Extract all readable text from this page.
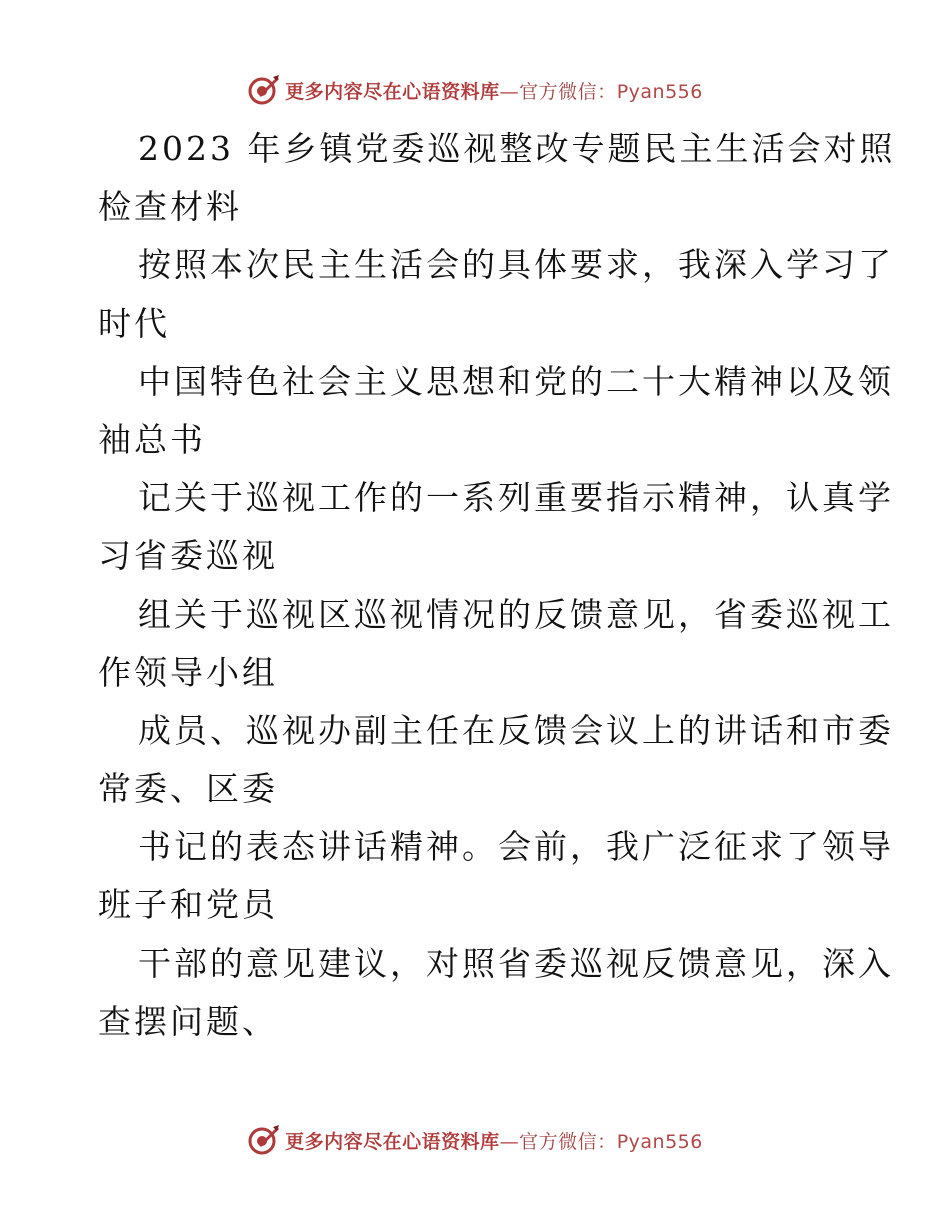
更多内容尽在心语资料库—官方微信：Pyan556
2023 年乡镇党委巡视整改专题民主生活会对照
检查材料
按照本次民主生活会的具体要求，我深入学习了
时代
中国特色社会主义思想和党的二十大精神以及领
袖总书
记关于巡视工作的一系列重要指示精神，认真学
习省委巡视
组关于巡视区巡视情况的反馈意见，省委巡视工
作领导小组
成员、巡视办副主任在反馈会议上的讲话和市委
常委、区委
书记的表态讲话精神。会前，我广泛征求了领导
班子和党员
干部的意见建议，对照省委巡视反馈意见，深入
查摆问题、
更多内容尽在心语资料库—官方微信：Pyan556
